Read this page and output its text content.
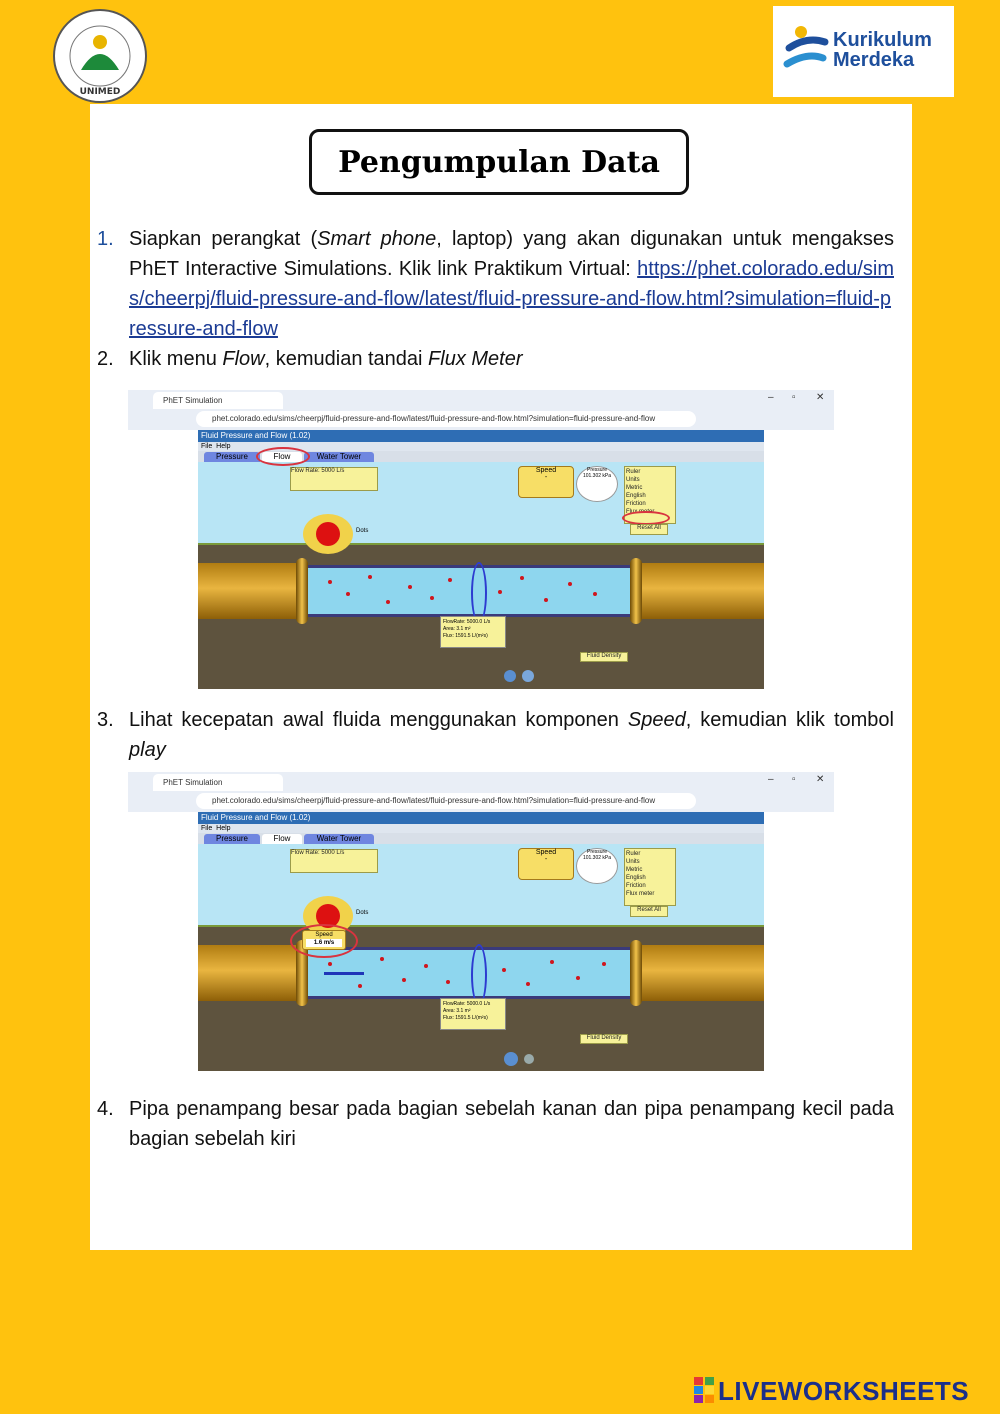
UNIMED
Kurikulum
Merdeka
Pengumpulan Data
1. Siapkan perangkat (Smart phone, laptop) yang akan digunakan untuk mengakses PhET Interactive Simulations. Klik link Praktikum Virtual: https://phet.colorado.edu/sims/cheerpj/fluid-pressure-and-flow/latest/fluid-pressure-and-flow.html?simulation=fluid-pressure-and-flow
2. Klik menu Flow, kemudian tandai Flux Meter
PhET Simulation
phet.colorado.edu/sims/cheerpj/fluid-pressure-and-flow/latest/fluid-pressure-and-flow.html?simulation=fluid-pressure-and-flow
– ▫ ✕
Fluid Pressure and Flow (1.02)
File Help
Pressure	Flow	Water Tower
Flow Rate: 5000 L/s	Speed
-
Pressure
101.302 kPa
Ruler
Units
Metric
English
Friction
Flux meter
Reset All
Dots
FlowRate: 5000.0 L/s
Area: 3.1 m²
Flux: 1591.5 L/(m²s)
Fluid Density
3. Lihat kecepatan awal fluida menggunakan komponen Speed, kemudian klik tombol play
PhET Simulation
phet.colorado.edu/sims/cheerpj/fluid-pressure-and-flow/latest/fluid-pressure-and-flow.html?simulation=fluid-pressure-and-flow
– ▫ ✕
Fluid Pressure and Flow (1.02)
File Help
Pressure	Flow	Water Tower
Flow Rate: 5000 L/s	Speed
-
Pressure
101.302 kPa
Ruler
Units
Metric
English
Friction
Flux meter
Reset All
Dots
Speed
1.6 m/s
FlowRate: 5000.0 L/s
Area: 3.1 m²
Flux: 1591.5 L/(m²s)
Fluid Density
4. Pipa penampang besar pada bagian sebelah kanan dan pipa penampang kecil pada bagian sebelah kiri
LIVEWORKSHEETS
